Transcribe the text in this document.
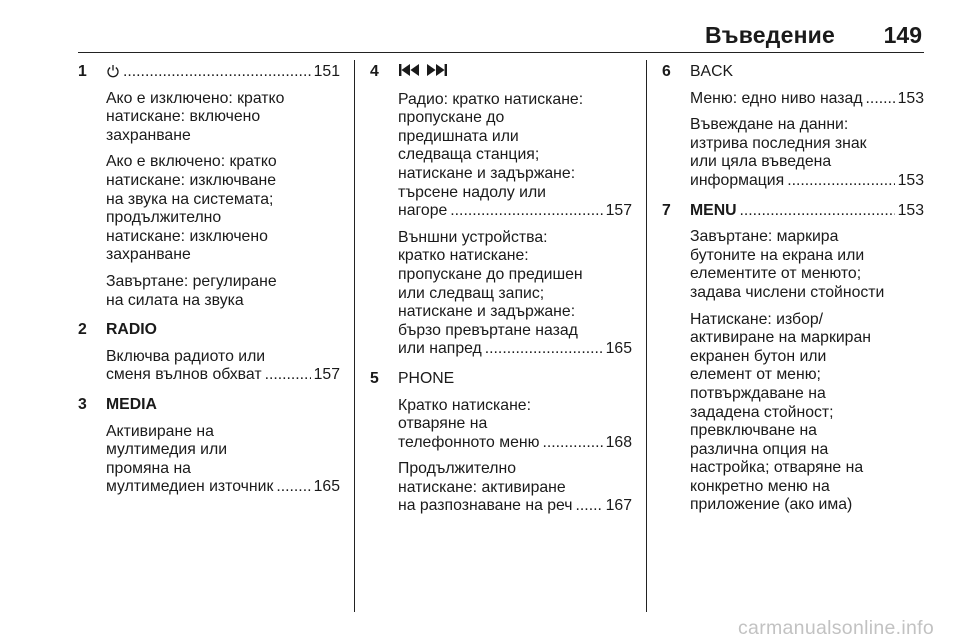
Въведение 149
1 .....	151
Ако е изключено: кратко
натискане: включено
захранване
Ако е включено: кратко
натискане: изключване
на звука на системата;
продължително
натискане: изключено
захранване
Завъртане: регулиране
на силата на звука
2 RADIO
Включва радиото или
сменя вълнов обхват .....	157
3 MEDIA
Активиране на
мултимедия или
промяна на
мултимедиен източник .....	165
4
Радио: кратко натискане:
пропускане до
предишната или
следваща станция;
натискане и задържане:
търсене надолу или
нагоре .....	157
Външни устройства:
кратко натискане:
пропускане до предишен
или следващ запис;
натискане и задържане:
бързо превъртане назад
или напред .....	165
5 PHONE
Кратко натискане:
отваряне на
телефонното меню .....	168
Продължително
натискане: активиране
на разпознаване на реч ..... 167
6 BACK
Меню: едно ниво назад ..... 153
Въвеждане на данни:
изтрива последния знак
или цяла въведена
информация .....	153
7 MENU .....	153
Завъртане: маркира
бутоните на екрана или
елементите от менюто;
задава числени стойности
Натискане: избор/
активиране на маркиран
екранен бутон или
елемент от меню;
потвърждаване на
зададена стойност;
превключване на
различна опция на
настройка; отваряне на
конкретно меню на
приложение (ако има)
carmanualsonline.info
